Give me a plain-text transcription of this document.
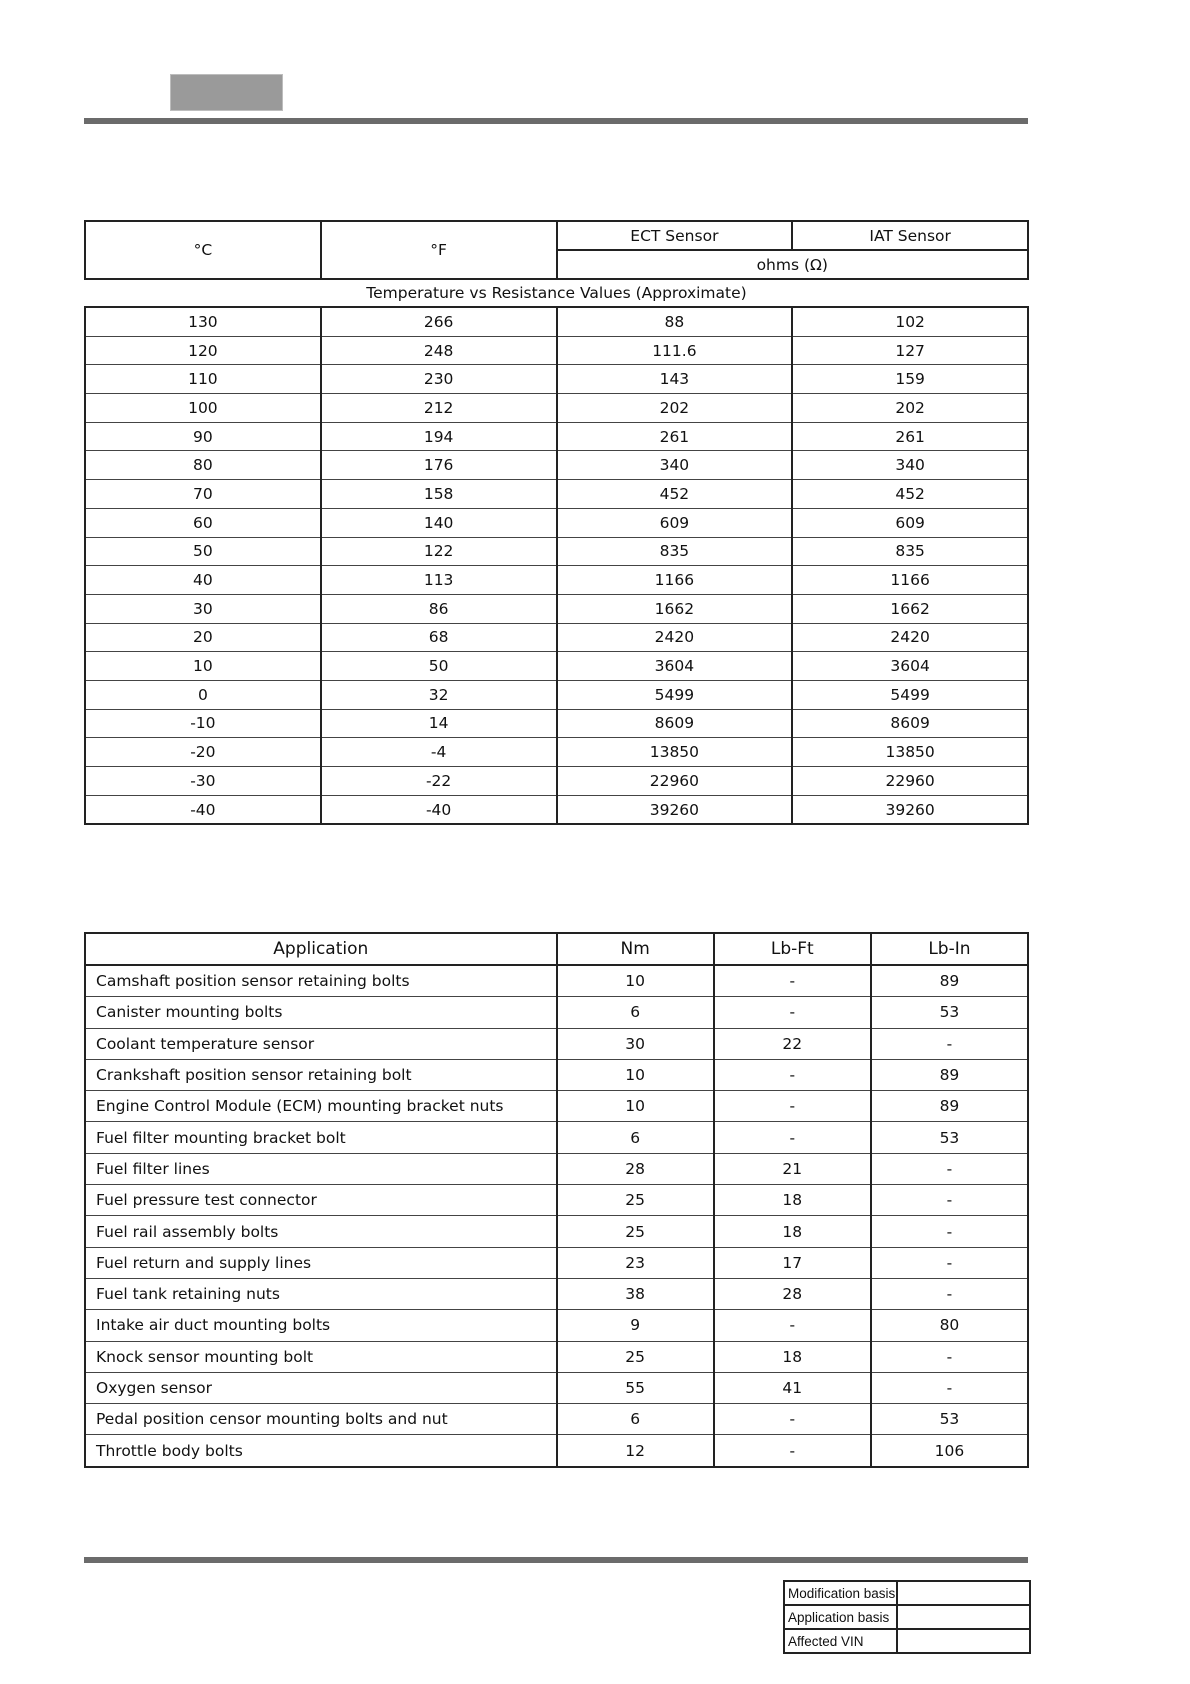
°C	°F	ECT Sensor	IAT Sensor
ohms (Ω)
Temperature vs Resistance Values (Approximate)
130	266	88	102
120	248	111.6	127
110	230	143	159
100	212	202	202
90	194	261	261
80	176	340	340
70	158	452	452
60	140	609	609
50	122	835	835
40	113	1166	1166
30	86	1662	1662
20	68	2420	2420
10	50	3604	3604
0	32	5499	5499
-10	14	8609	8609
-20	-4	13850	13850
-30	-22	22960	22960
-40	-40	39260	39260
Application	Nm	Lb-Ft	Lb-In
Camshaft position sensor retaining bolts	10	-	89
Canister mounting bolts	6	-	53
Coolant temperature sensor	30	22	-
Crankshaft position sensor retaining bolt	10	-	89
Engine Control Module (ECM) mounting bracket nuts	10	-	89
Fuel filter mounting bracket bolt	6	-	53
Fuel filter lines	28	21	-
Fuel pressure test connector	25	18	-
Fuel rail assembly bolts	25	18	-
Fuel return and supply lines	23	17	-
Fuel tank retaining nuts	38	28	-
Intake air duct mounting bolts	9	-	80
Knock sensor mounting bolt	25	18	-
Oxygen sensor	55	41	-
Pedal position censor mounting bolts and nut	6	-	53
Throttle body bolts	12	-	106
Modification basis	
Application basis	
Affected VIN	
